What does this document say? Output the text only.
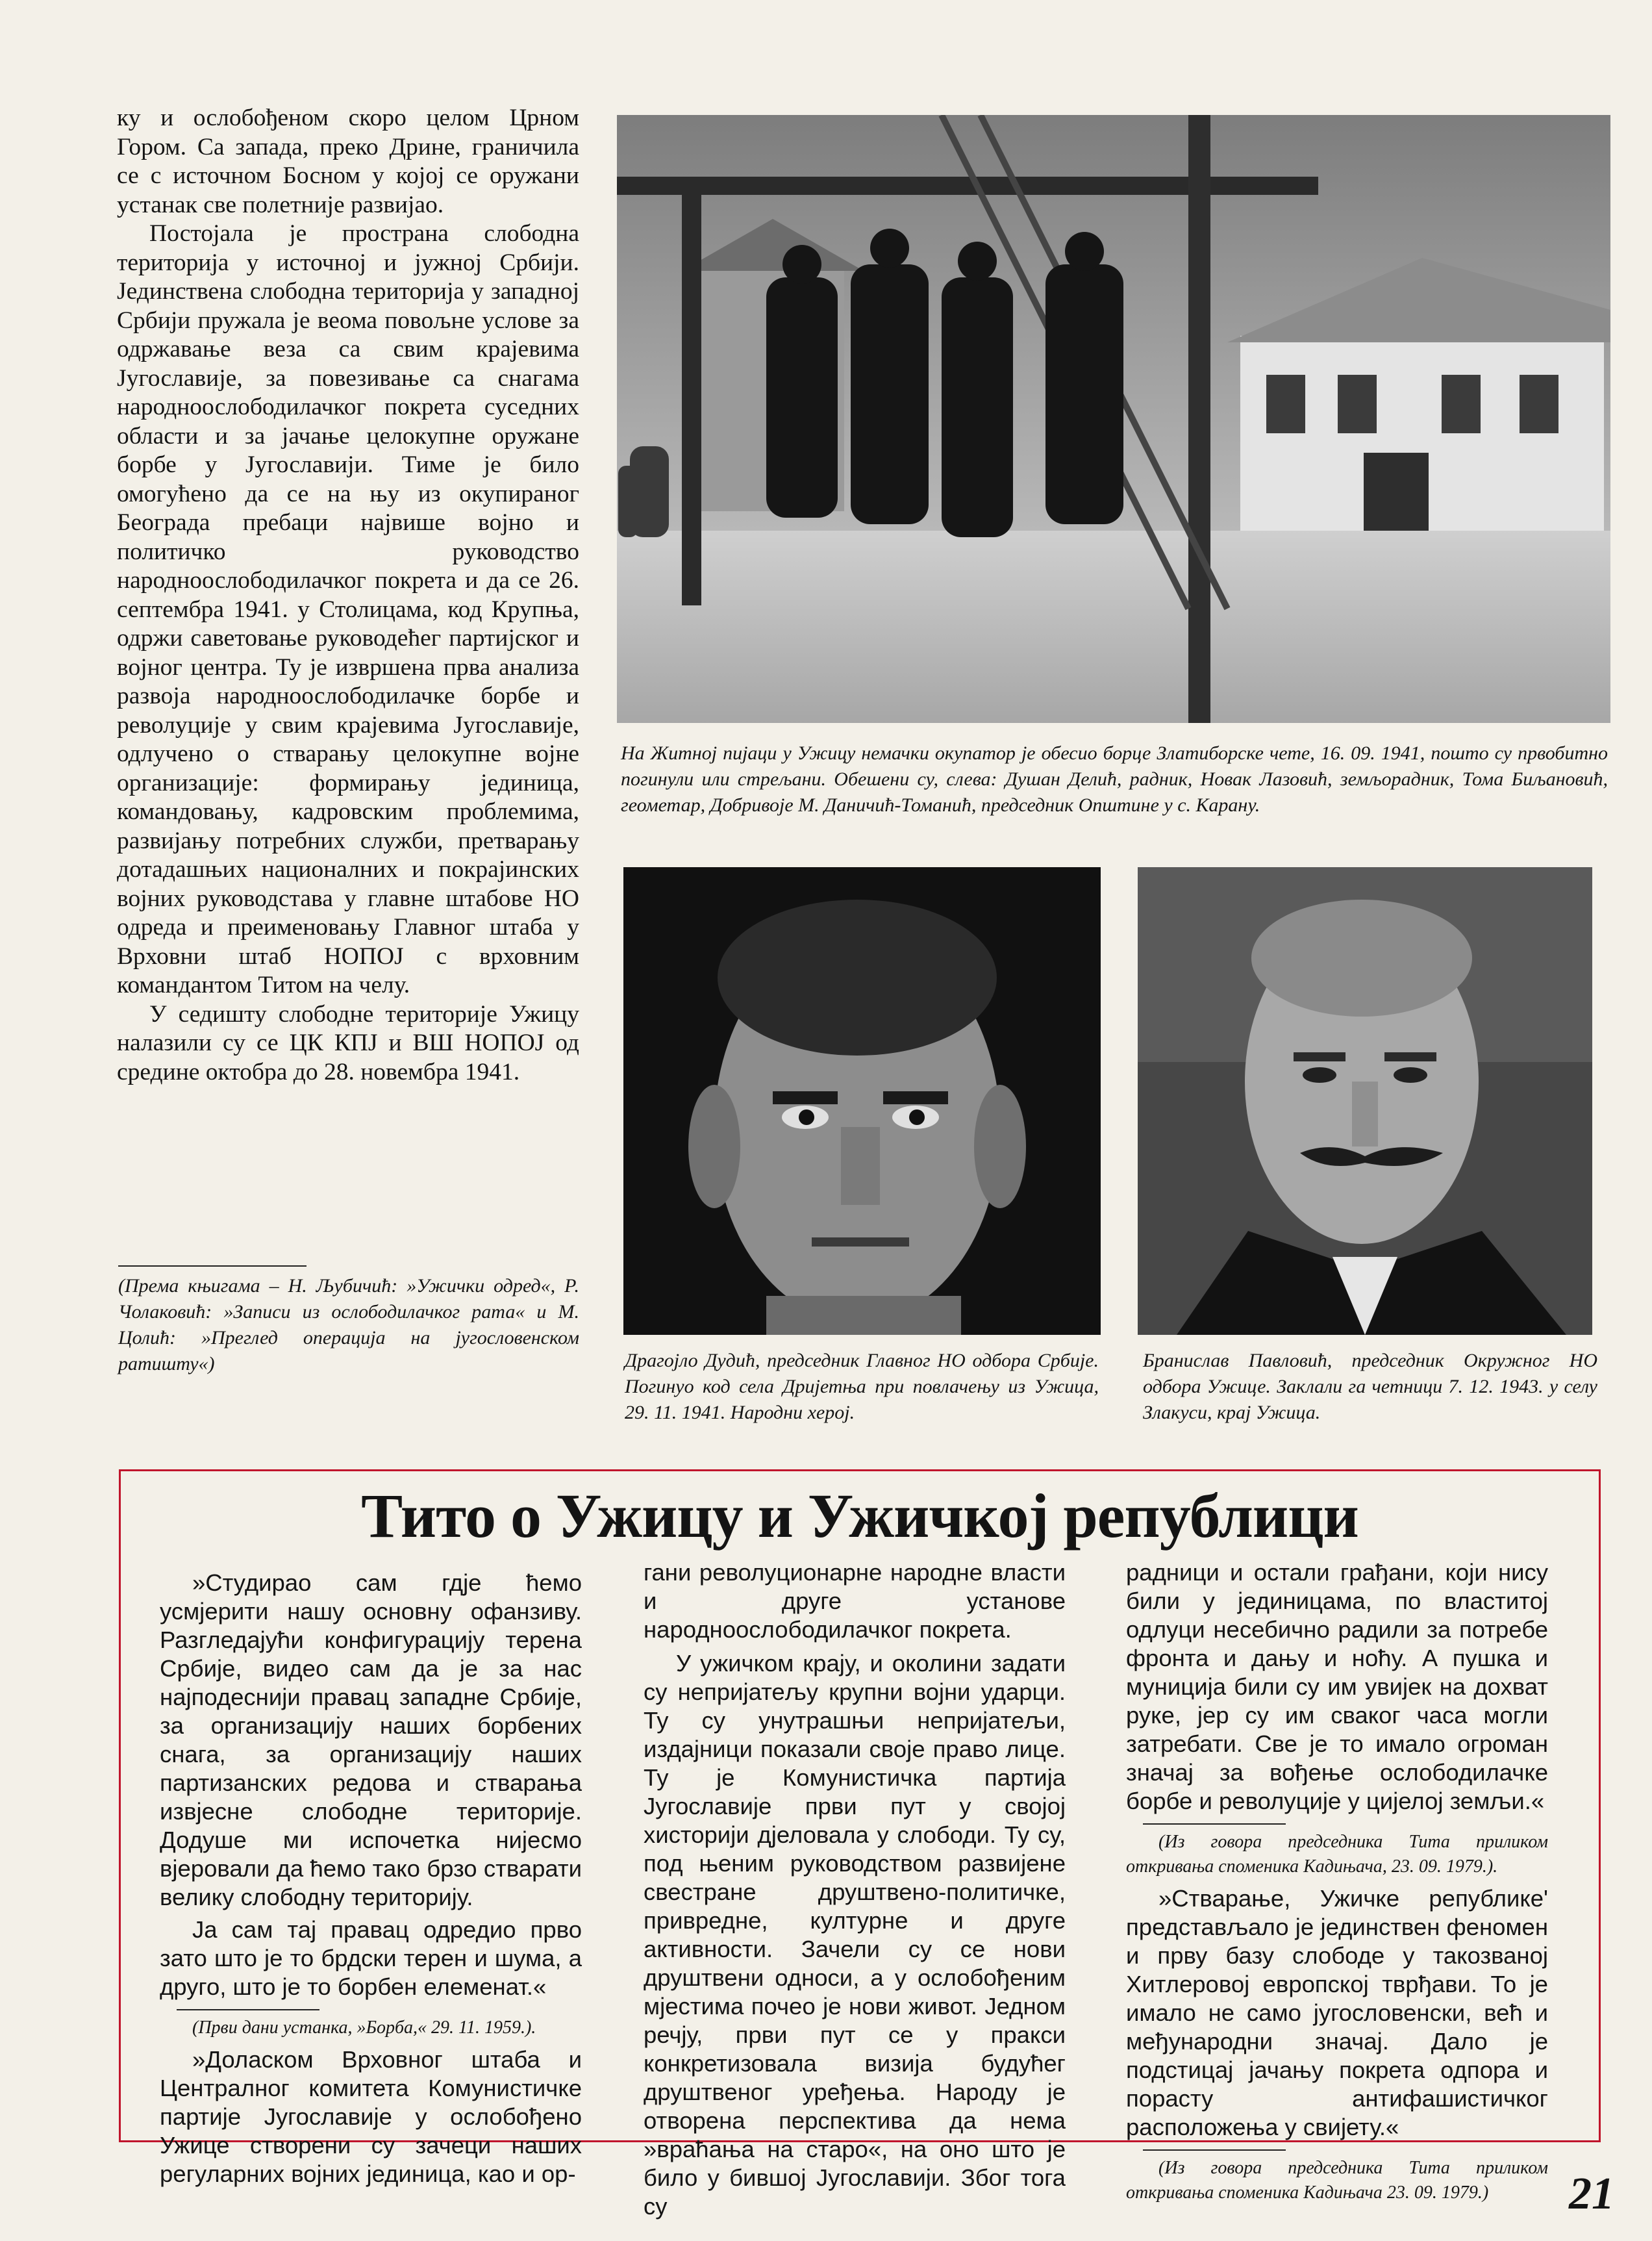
ку и ослобођеном скоро целом Црном Гором. Са запада, преко Дрине, граничила се с источном Босном у којој се оружани устанак све полетније развијао.

Постојала је пространа слободна територија у источној и јужној Србији. Јединствена слободна територија у западној Србији пружала је веома повољне услове за одржавање веза са свим крајевима Југославије, за повезивање са снагама народноослободилачког покрета суседних области и за јачање целокупне оружане борбе у Југославији. Тиме је било омогућено да се на њу из окупираног Београда пребаци највише војно и политичко руководство народноослободилачког покрета и да се 26. септембра 1941. у Столицама, код Крупња, одржи саветовање руководећег партијског и војног центра. Ту је извршена прва анализа развоја народноослободилачке борбе и револуције у свим крајевима Југославије, одлучено о стварању целокупне војне организације: формирању јединица, командовању, кадровским проблемима, развијању потребних служби, претварању дотадашњих националних и покрајинских војних руководстава у главне штабове НО одреда и преименовању Главног штаба у Врховни штаб НОПОЈ с врховним командантом Титом на челу.

У седишту слободне територије Ужицу налазили су се ЦК КПЈ и ВШ НОПОЈ од средине октобра до 28. новембра 1941.

(Према књигама – Н. Љубичић: »Ужички одред«, Р. Чолаковић: »Записи из ослободилачког рата« и М. Цолић: »Преглед операција на југословенском ратишту«)

На Житној пијаци у Ужицу немачки окупатор је обесио борце Златиборске чете, 16. 09. 1941, пошто су првобитно погинули или стрељани. Обешени су, слева: Душан Делић, радник, Новак Лазовић, земљорадник, Тома Биљановић, геометар, Добривоје М. Даничић-Томанић, председник Општине у с. Карану.

Драгојло Дудић, председник Главног НО одбора Србије. Погинуо код села Дријетња при повлачењу из Ужица, 29. 11. 1941. Народни херој.

Бранислав Павловић, председник Окружног НО одбора Ужице. Заклали га четници 7. 12. 1943. у селу Злакуси, крај Ужица.

Тито о Ужицу и Ужичкој републици

»Студирао сам гдје ћемо усмјерити нашу основну офанзиву. Разгледајући конфигурацију терена Србије, видео сам да је за нас најподеснији правац западне Србије, за организацију наших борбених снага, за организацију наших партизанских редова и стварања извјесне слободне територије. Додуше ми испочетка нијесмо вјеровали да ћемо тако брзо стварати велику слободну територију.

Ја сам тај правац одредио прво зато што је то брдски терен и шума, а друго, што је то борбен елеменат.«

(Први дани устанка, »Борба,« 29. 11. 1959.).

»Доласком Врховног штаба и Централног комитета Комунистичке партије Југославије у ослобођено Ужице створени су зачеци наших регуларних војних јединица, као и ор-

гани револуционарне народне власти и друге установе народноослободилачког покрета.

У ужичком крају, и околини задати су непријатељу крупни војни ударци. Ту су унутрашњи непријатељи, издајници показали своје право лице. Ту је Комунистичка партија Југославије први пут у својој хисторији дјеловала у слободи. Ту су, под њеним руководством развијене свестране друштвено-политичке, привредне, културне и друге активности. Зачели су се нови друштвени односи, а у ослобођеним мјестима почео је нови живот. Једном речју, први пут се у пракси конкретизовала визија будућег друштвеног уређења. Народу је отворена перспектива да нема »враћања на старо«, на оно што је било у бившој Југославији. Због тога су

радници и остали грађани, који нису били у јединицама, по властитој одлуци несебично радили за потребе фронта и дању и ноћу. А пушка и муниција били су им увијек на дохват руке, јер су им сваког часа могли затребати. Све је то имало огроман значај за вођење ослободилачке борбе и револуције у цијелој земљи.«

(Из говора председника Тита приликом откривања споменика Кадињача, 23. 09. 1979.).

»Стварање, Ужичке републике' представљало је јединствен феномен и прву базу слободе у такозваној Хитлеровој европској тврђави. То је имало не само југословенски, већ и међународни значај. Дало је подстицај јачању покрета одпора и порасту антифашистичког расположења у свијету.«

(Из говора председника Тита приликом откривања споменика Кадињача 23. 09. 1979.)	21
